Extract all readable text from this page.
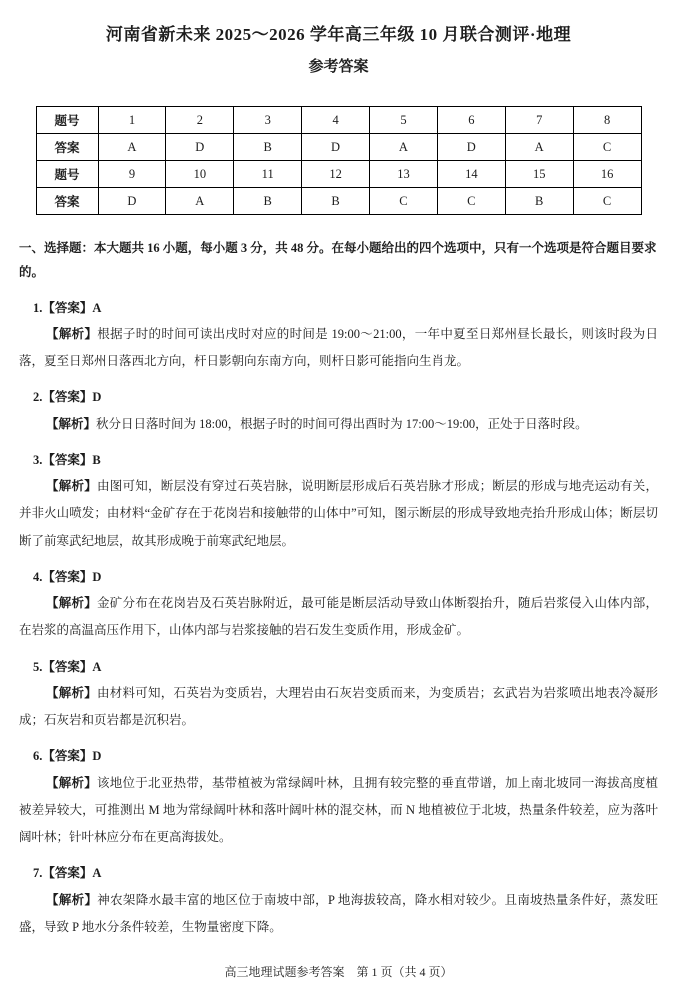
河南省新未来 2025～2026 学年高三年级 10 月联合测评·地理
参考答案
题号	1	2	3	4	5	6	7	8
答案	A	D	B	D	A	D	A	C
题号	9	10	11	12	13	14	15	16
答案	D	A	B	B	C	C	B	C

一、选择题：本大题共 16 小题，每小题 3 分，共 48 分。在每小题给出的四个选项中，只有一个选项是符合题目要求的。

1.【答案】A

【解析】根据子时的时间可读出戌时对应的时间是 19:00～21:00，一年中夏至日郑州昼长最长，则该时段为日落，夏至日郑州日落西北方向，杆日影朝向东南方向，则杆日影可能指向生肖龙。

2.【答案】D

【解析】秋分日日落时间为 18:00，根据子时的时间可得出酉时为 17:00～19:00，正处于日落时段。

3.【答案】B

【解析】由图可知，断层没有穿过石英岩脉，说明断层形成后石英岩脉才形成；断层的形成与地壳运动有关，并非火山喷发；由材料“金矿存在于花岗岩和接触带的山体中”可知，图示断层的形成导致地壳抬升形成山体；断层切断了前寒武纪地层，故其形成晚于前寒武纪地层。

4.【答案】D

【解析】金矿分布在花岗岩及石英岩脉附近，最可能是断层活动导致山体断裂抬升，随后岩浆侵入山体内部，在岩浆的高温高压作用下，山体内部与岩浆接触的岩石发生变质作用，形成金矿。

5.【答案】A

【解析】由材料可知，石英岩为变质岩，大理岩由石灰岩变质而来，为变质岩；玄武岩为岩浆喷出地表冷凝形成；石灰岩和页岩都是沉积岩。

6.【答案】D

【解析】该地位于北亚热带，基带植被为常绿阔叶林，且拥有较完整的垂直带谱，加上南北坡同一海拔高度植被差异较大，可推测出 M 地为常绿阔叶林和落叶阔叶林的混交林，而 N 地植被位于北坡，热量条件较差，应为落叶阔叶林；针叶林应分布在更高海拔处。

7.【答案】A

【解析】神农架降水最丰富的地区位于南坡中部，P 地海拔较高，降水相对较少。且南坡热量条件好，蒸发旺盛，导致 P 地水分条件较差，生物量密度下降。

高三地理试题参考答案　第 1 页（共 4 页）
